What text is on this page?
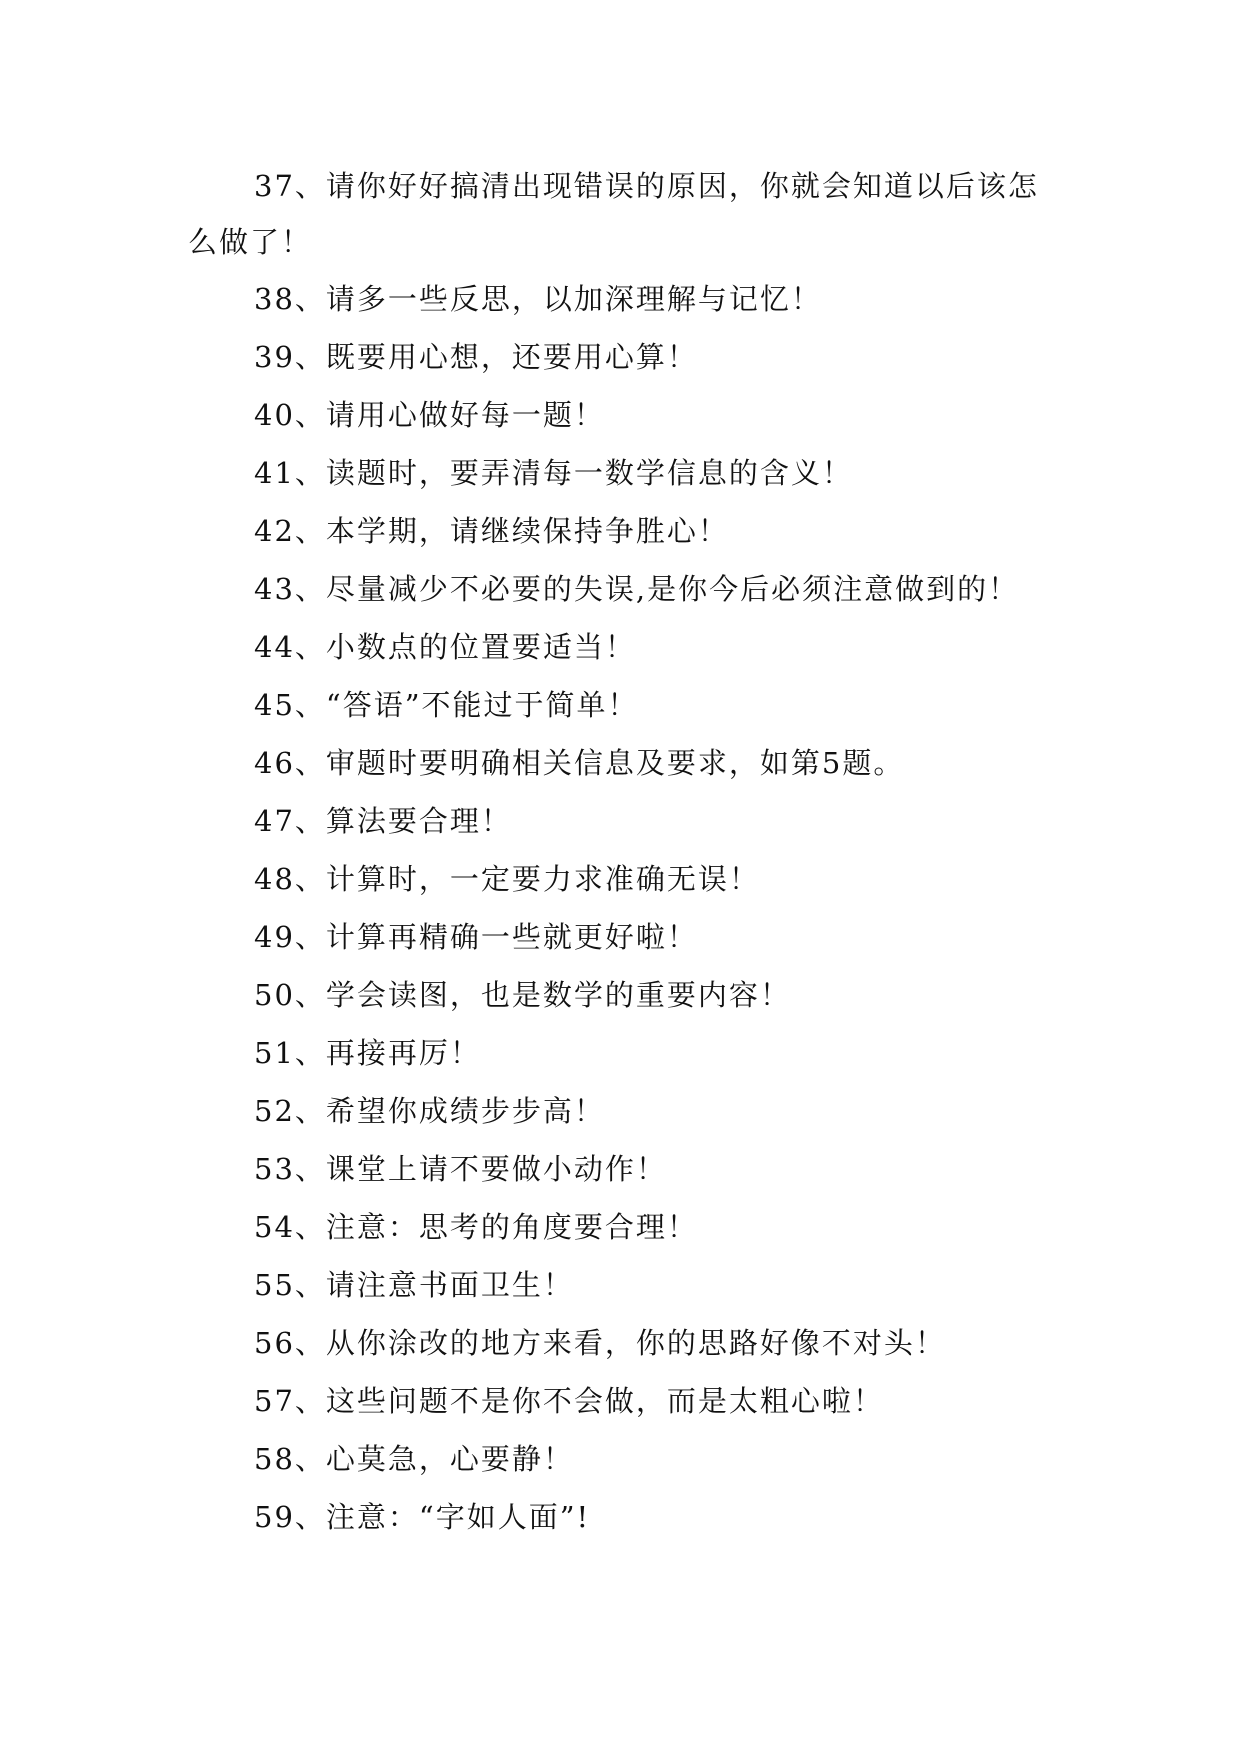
37、请你好好搞清出现错误的原因，你就会知道以后该怎么做了！

38、请多一些反思，以加深理解与记忆！

39、既要用心想，还要用心算！

40、请用心做好每一题！

41、读题时，要弄清每一数学信息的含义！

42、本学期，请继续保持争胜心！

43、尽量减少不必要的失误,是你今后必须注意做到的！

44、小数点的位置要适当！

45、“答语”不能过于简单！

46、审题时要明确相关信息及要求，如第5题。

47、算法要合理！

48、计算时，一定要力求准确无误！

49、计算再精确一些就更好啦！

50、学会读图，也是数学的重要内容！

51、再接再厉！

52、希望你成绩步步高！

53、课堂上请不要做小动作！

54、注意：思考的角度要合理！

55、请注意书面卫生！

56、从你涂改的地方来看，你的思路好像不对头！

57、这些问题不是你不会做，而是太粗心啦！

58、心莫急，心要静！

59、注意：“字如人面”!
